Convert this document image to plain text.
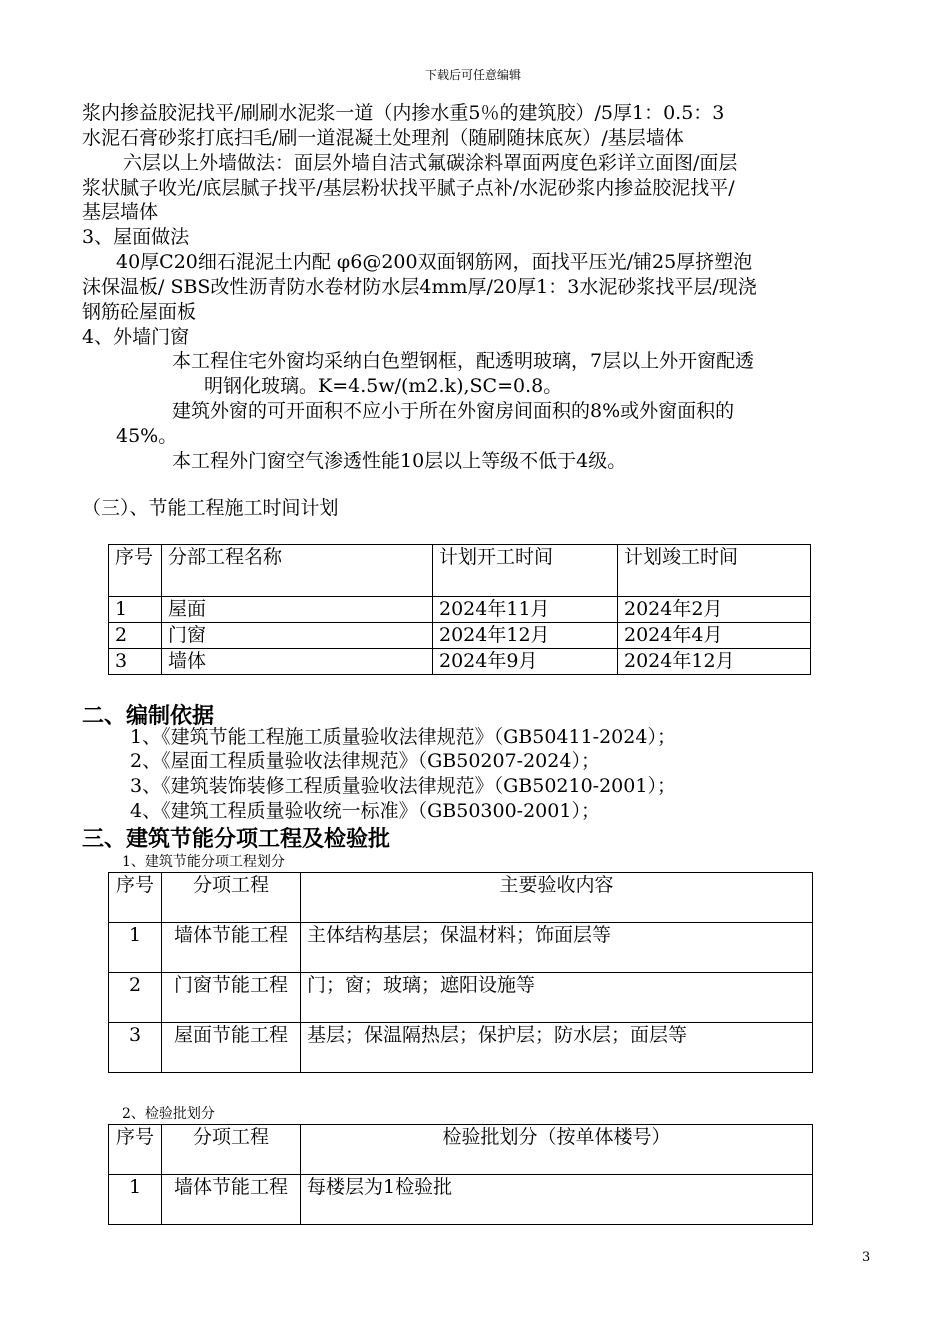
下载后可任意编辑
浆内掺益胶泥找平/刷刷水泥浆一道（内掺水重5％的建筑胶）/5厚1：0.5：3
水泥石膏砂浆打底扫毛/刷一道混凝土处理剂（随刷随抹底灰）/基层墙体
六层以上外墙做法：面层外墙自洁式氟碳涂料罩面两度色彩详立面图/面层
浆状腻子收光/底层腻子找平/基层粉状找平腻子点补/水泥砂浆内掺益胶泥找平/
基层墙体
3、屋面做法
40厚C20细石混泥土内配 φ6@200双面钢筋网，面找平压光/铺25厚挤塑泡
沫保温板/ SBS改性沥青防水卷材防水层4mm厚/20厚1：3水泥砂浆找平层/现浇
钢筋砼屋面板
4、外墙门窗
本工程住宅外窗均采纳白色塑钢框，配透明玻璃，7层以上外开窗配透
明钢化玻璃。K=4.5w/(m2.k),SC=0.8。
建筑外窗的可开面积不应小于所在外窗房间面积的8%或外窗面积的
45%。
本工程外门窗空气渗透性能10层以上等级不低于4级。
（三）、节能工程施工时间计划
序号	分部工程名称	计划开工时间	计划竣工时间
1	屋面	2024年11月	2024年2月
2	门窗	2024年12月	2024年4月
3	墙体	2024年9月	2024年12月
二、编制依据
1、《建筑节能工程施工质量验收法律规范》（GB50411-2024）；
2、《屋面工程质量验收法律规范》（GB50207-2024）；
3、《建筑装饰装修工程质量验收法律规范》（GB50210-2001）；
4、《建筑工程质量验收统一标准》（GB50300-2001）；
三、建筑节能分项工程及检验批
1、建筑节能分项工程划分
序号	分项工程	主要验收内容
1	墙体节能工程	主体结构基层；保温材料；饰面层等
2	门窗节能工程	门；窗；玻璃；遮阳设施等
3	屋面节能工程	基层；保温隔热层；保护层；防水层；面层等
2、检验批划分
序号	分项工程	检验批划分（按单体楼号）
1	墙体节能工程	每楼层为1检验批
3
